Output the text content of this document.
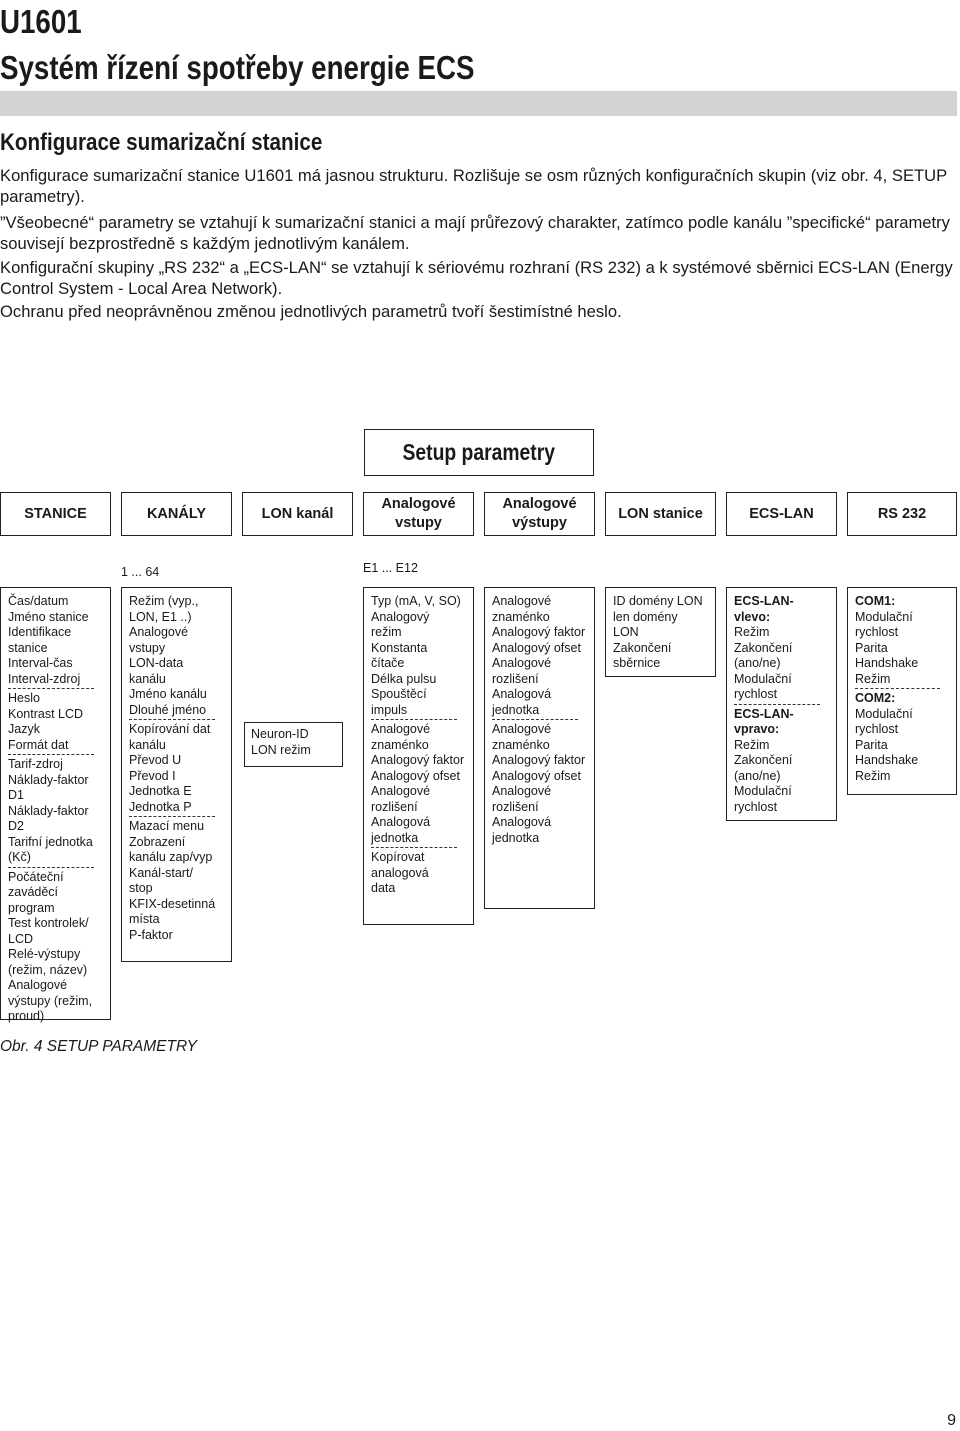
U1601
Systém řízení spotřeby energie ECS
Konfigurace sumarizační stanice

Konfigurace sumarizační stanice U1601 má jasnou strukturu. Rozlišuje se osm různých konfiguračních skupin (viz obr. 4, SETUP parametry).

”Všeobecné“ parametry se vztahují k sumarizační stanici a mají průřezový charakter, zatímco podle kanálu ”specifické“ parametry souvisejí bezprostředně s každým jednotlivým kanálem.

Konfigurační skupiny „RS 232“ a „ECS-LAN“ se vztahují k sériovému rozhraní (RS 232) a k systémové sběrnici ECS-LAN (Energy Control System - Local Area Network).

Ochranu před neoprávněnou změnou jednotlivých parametrů tvoří šestimístné heslo.

Setup parametry
STANICE	KANÁLY	LON kanál
Analogové vstupy
Analogové výstupy
LON stanice	ECS-LAN	RS 232
1 ... 64	E1 ... E12
Čas/datum
Jméno stanice
Identifikace stanice
Interval-čas
Interval-zdroj
Heslo
Kontrast LCD
Jazyk
Formát dat
Tarif-zdroj
Náklady-faktor D1
Náklady-faktor D2
Tarifní jednotka (Kč)
Počáteční zaváděcí program
Test kontrolek/ LCD
Relé-výstupy (režim, název)
Analogové výstupy (režim, proud)
Režim (vyp., LON, E1 ..)
Analogové vstupy
LON-data kanálu
Jméno kanálu
Dlouhé jméno
Kopírování dat kanálu
Převod U
Převod I
Jednotka E
Jednotka P
Mazací menu
Zobrazení kanálu zap/vyp
Kanál-start/ stop
KFIX-desetinná místa
P-faktor
Neuron-ID
LON režim
Typ (mA, V, SO)
Analogový režim
Konstanta čítače
Délka pulsu
Spouštěcí impuls
Analogové znaménko
Analogový faktor
Analogový ofset
Analogové rozlišení
Analogová jednotka
Kopírovat analogová data
Analogové znaménko
Analogový faktor
Analogový ofset
Analogové rozlišení
Analogová jednotka
Analogové znaménko
Analogový faktor
Analogový ofset
Analogové rozlišení
Analogová jednotka
ID domény LON
len domény LON
Zakončení sběrnice
ECS-LAN-vlevo:
Režim
Zakončení (ano/ne)
Modulační rychlost
ECS-LAN-vpravo:
Režim
Zakončení (ano/ne)
Modulační rychlost
COM1:
Modulační rychlost
Parita
Handshake
Režim
COM2:
Modulační rychlost
Parita
Handshake
Režim
Obr. 4 SETUP PARAMETRY
9
